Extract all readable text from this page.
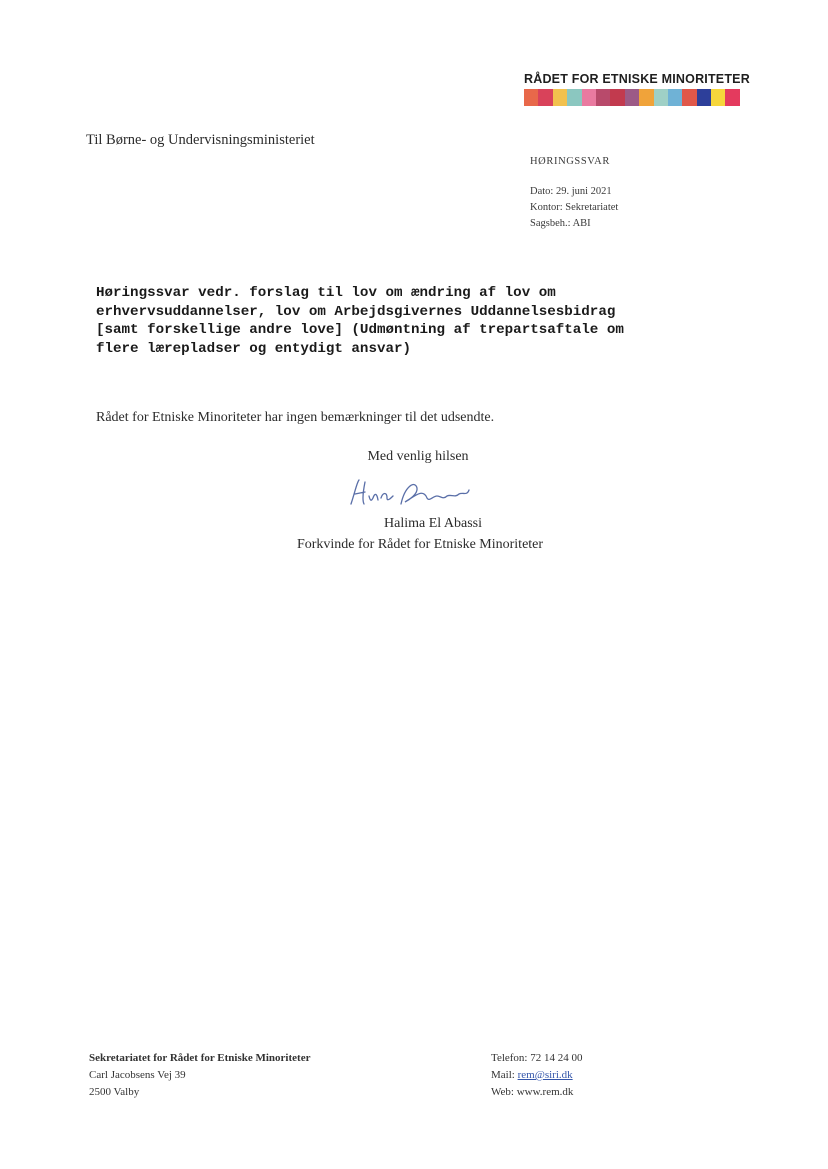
RÅDET FOR ETNISKE MINORITETER
Til Børne- og Undervisningsministeriet
HØRINGSSVAR
Dato: 29. juni 2021
Kontor: Sekretariatet
Sagsbeh.: ABI
Høringssvar vedr. forslag til lov om ændring af lov om
erhvervsuddannelser, lov om Arbejdsgivernes Uddannelsesbidrag
[samt forskellige andre love] (Udmøntning af trepartsaftale om
flere lærepladser og entydigt ansvar)
Rådet for Etniske Minoriteter har ingen bemærkninger til det udsendte.
Med venlig hilsen
Halima El Abassi
Forkvinde for Rådet for Etniske Minoriteter
Sekretariatet for Rådet for Etniske Minoriteter
Carl Jacobsens Vej 39
2500 Valby
Telefon: 72 14 24 00
Mail: rem@siri.dk
Web: www.rem.dk
